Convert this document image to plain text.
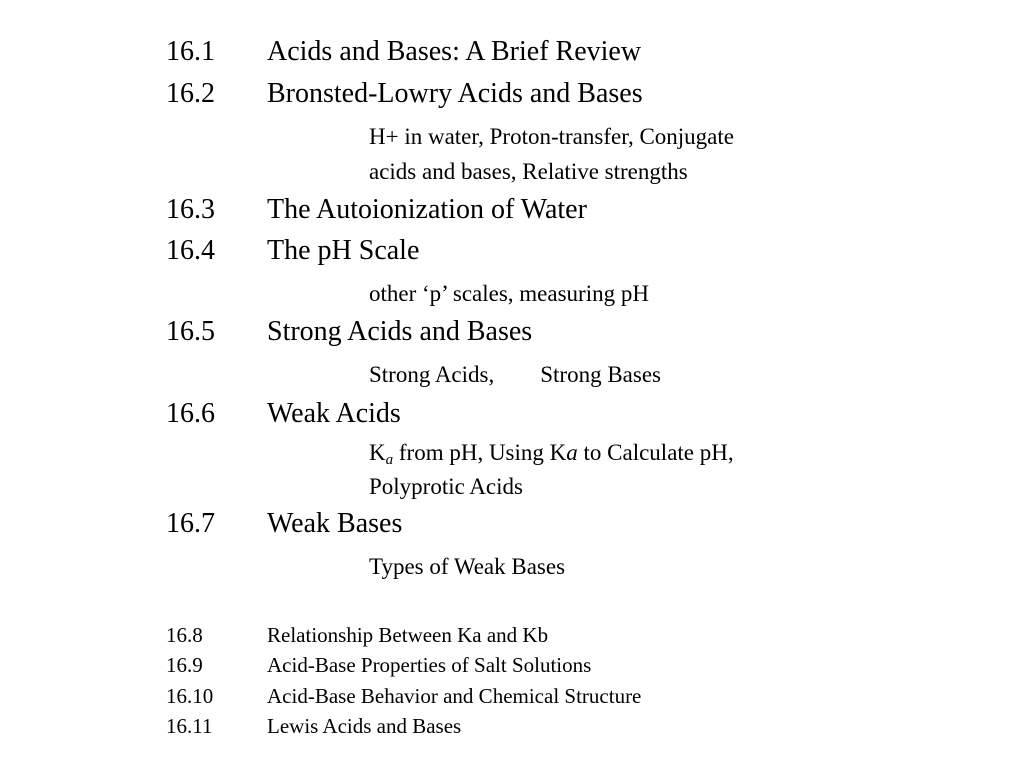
16.1 Acids and Bases: A Brief Review
16.2 Bronsted-Lowry Acids and Bases
H+ in water, Proton-transfer, Conjugate
acids and bases, Relative strengths
16.3 The Autoionization of Water
16.4 The pH Scale
other ‘p’ scales, measuring pH
16.5 Strong Acids and Bases
Strong Acids, Strong Bases
16.6 Weak Acids
$K_a$ from pH, Using Ka to Calculate pH,
Polyprotic Acids
16.7 Weak Bases
Types of Weak Bases
16.8	Relationship Between Ka and Kb
16.9	Acid-Base Properties of Salt Solutions
16.10	Acid-Base Behavior and Chemical Structure
16.11	Lewis Acids and Bases
